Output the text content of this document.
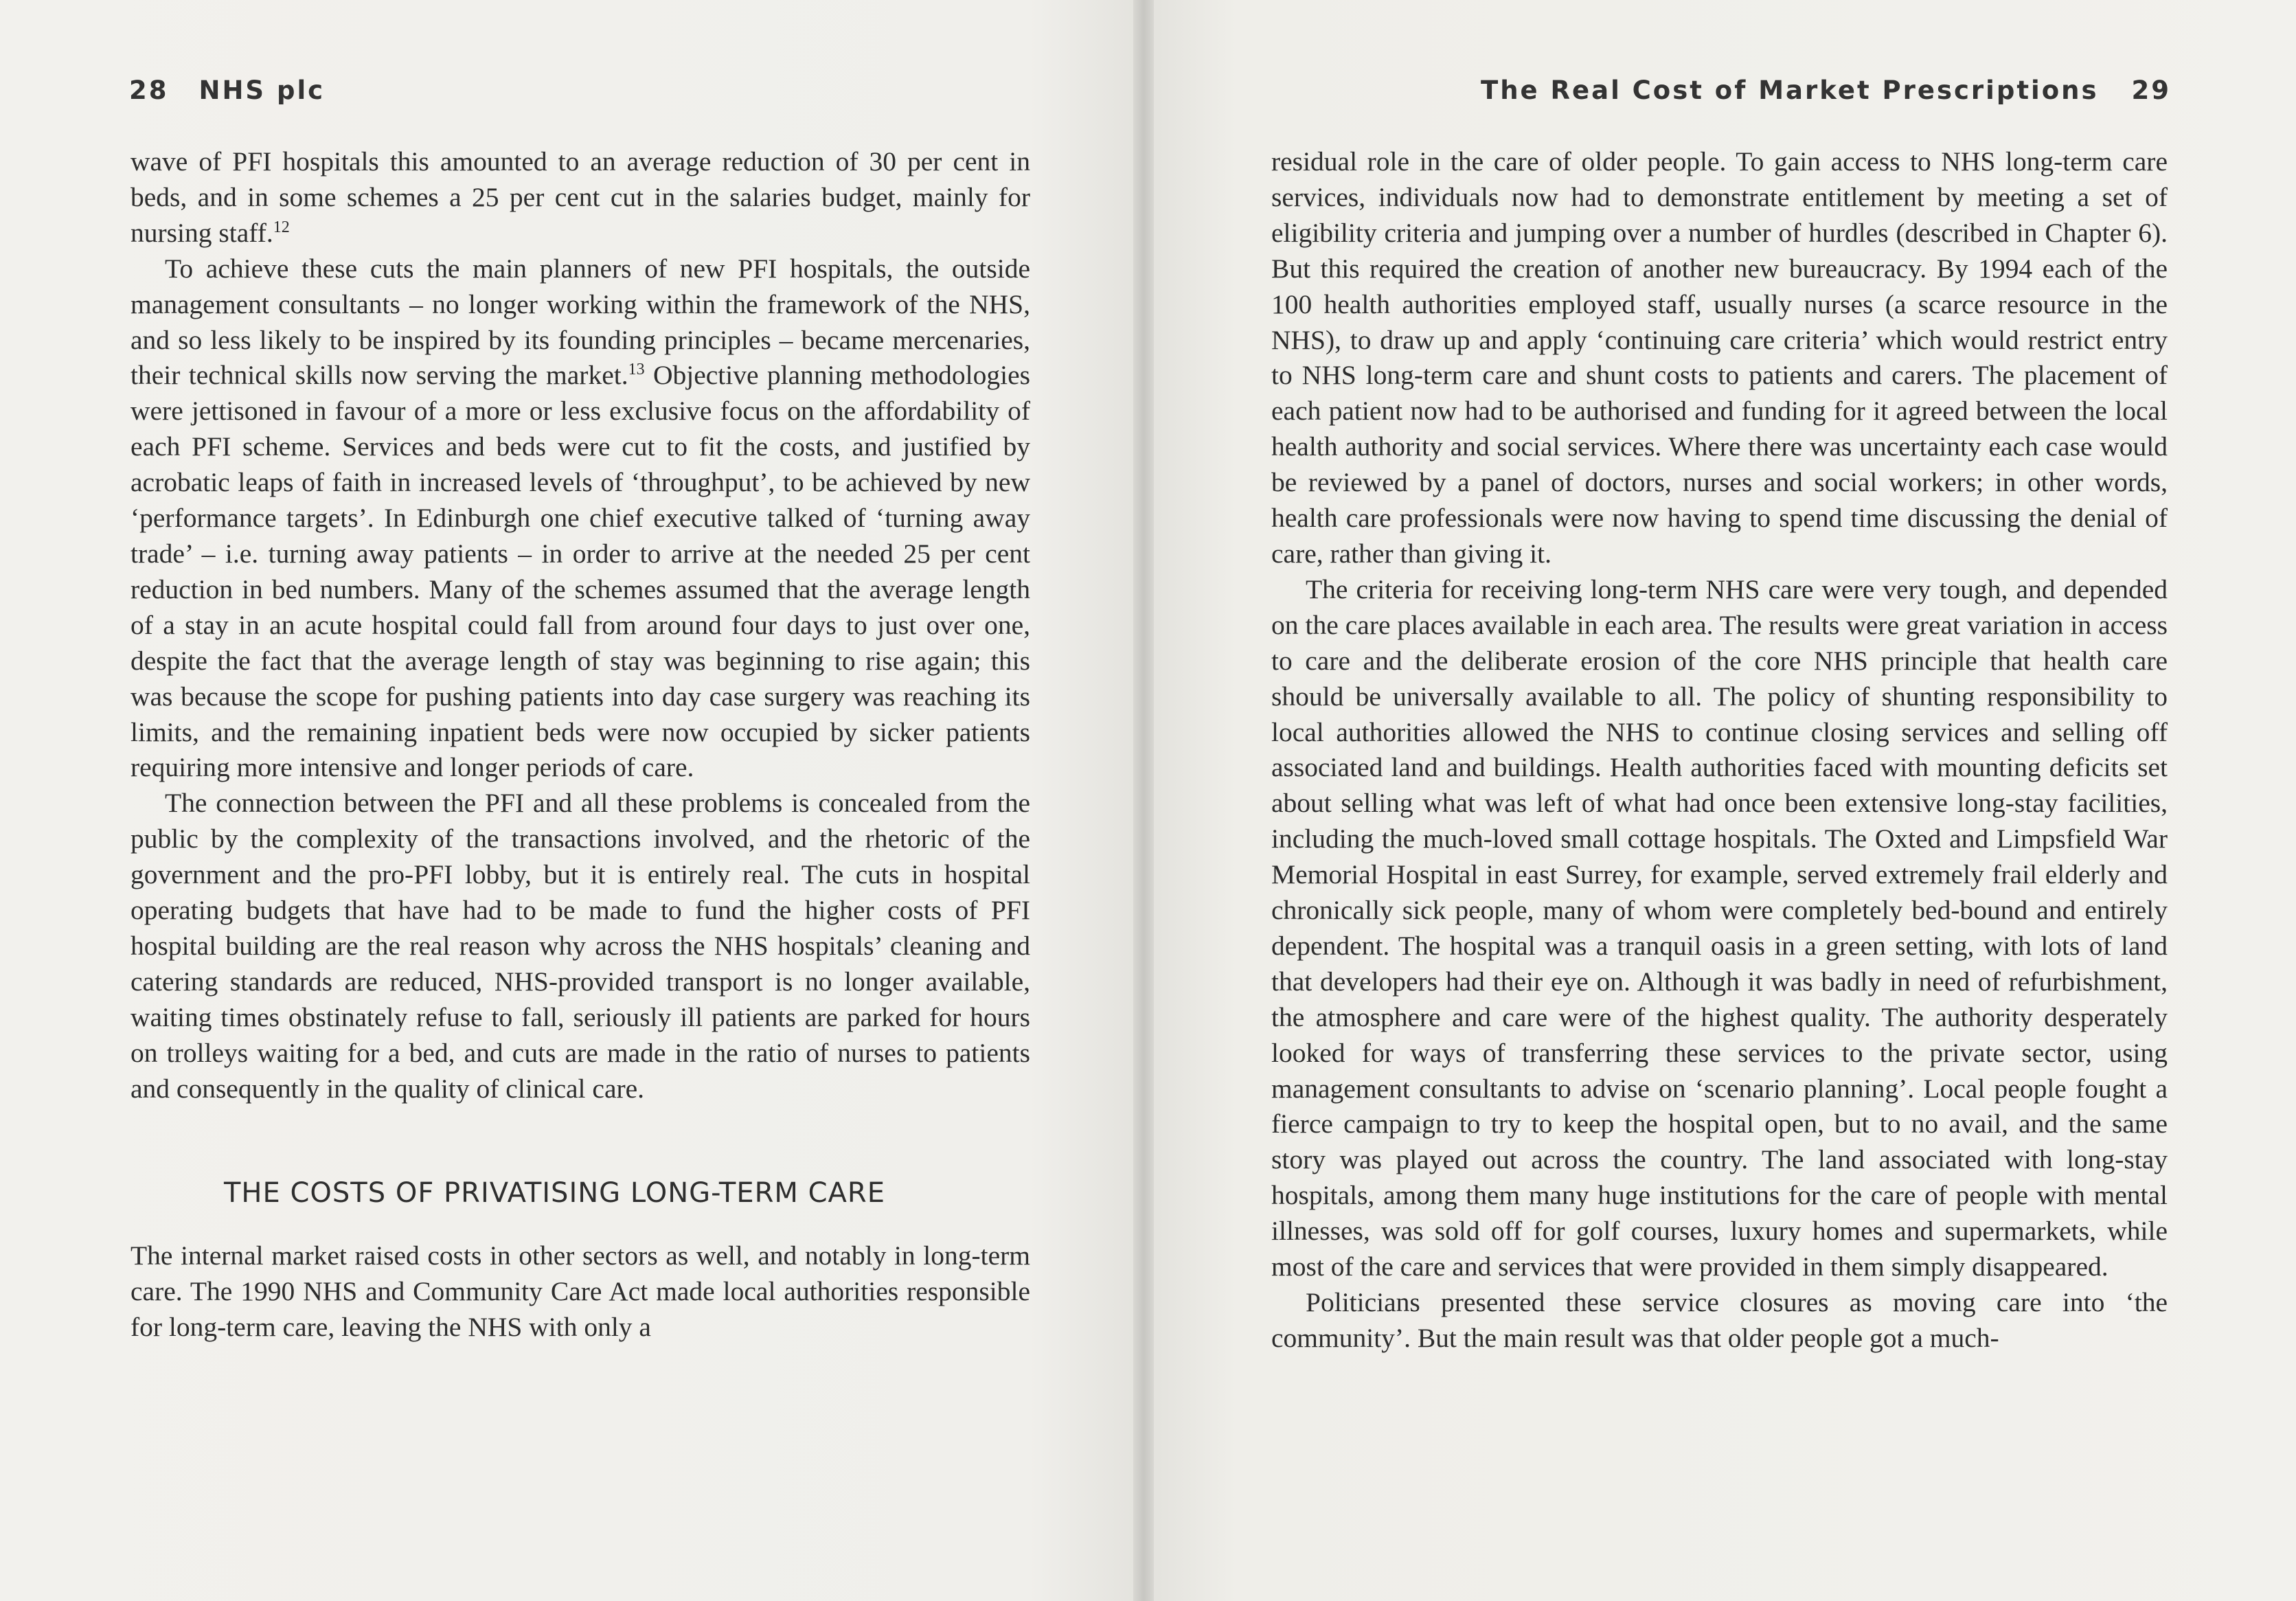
28 NHS plc

wave of PFI hospitals this amounted to an average reduction of 30 per cent in beds, and in some schemes a 25 per cent cut in the salaries budget, mainly for nursing staff.$^{12}$

To achieve these cuts the main planners of new PFI hospitals, the outside management consultants – no longer working within the framework of the NHS, and so less likely to be inspired by its founding principles – became mercenaries, their technical skills now serving the market.$^{13}$ Objective planning methodologies were jettisoned in favour of a more or less exclusive focus on the affordability of each PFI scheme. Services and beds were cut to fit the costs, and justified by acrobatic leaps of faith in increased levels of ‘throughput’, to be achieved by new ‘performance targets’. In Edinburgh one chief executive talked of ‘turning away trade’ – i.e. turning away patients – in order to arrive at the needed 25 per cent reduction in bed numbers. Many of the schemes assumed that the average length of a stay in an acute hospital could fall from around four days to just over one, despite the fact that the average length of stay was beginning to rise again; this was because the scope for pushing patients into day case surgery was reaching its limits, and the remaining inpatient beds were now occupied by sicker patients requiring more intensive and longer periods of care.

The connection between the PFI and all these problems is concealed from the public by the complexity of the transactions involved, and the rhetoric of the government and the pro-PFI lobby, but it is entirely real. The cuts in hospital operating budgets that have had to be made to fund the higher costs of PFI hospital building are the real reason why across the NHS hospitals’ cleaning and catering standards are reduced, NHS-provided transport is no longer available, waiting times obstinately refuse to fall, seriously ill patients are parked for hours on trolleys waiting for a bed, and cuts are made in the ratio of nurses to patients and consequently in the quality of clinical care.

THE COSTS OF PRIVATISING LONG-TERM CARE

The internal market raised costs in other sectors as well, and notably in long-term care. The 1990 NHS and Community Care Act made local authorities responsible for long-term care, leaving the NHS with only a

The Real Cost of Market Prescriptions 29

residual role in the care of older people. To gain access to NHS long-term care services, individuals now had to demonstrate entitlement by meeting a set of eligibility criteria and jumping over a number of hurdles (described in Chapter 6). But this required the creation of another new bureaucracy. By 1994 each of the 100 health authorities employed staff, usually nurses (a scarce resource in the NHS), to draw up and apply ‘continuing care criteria’ which would restrict entry to NHS long-term care and shunt costs to patients and carers. The placement of each patient now had to be authorised and funding for it agreed between the local health authority and social services. Where there was uncertainty each case would be reviewed by a panel of doctors, nurses and social workers; in other words, health care professionals were now having to spend time discussing the denial of care, rather than giving it.

The criteria for receiving long-term NHS care were very tough, and depended on the care places available in each area. The results were great variation in access to care and the deliberate erosion of the core NHS principle that health care should be universally available to all. The policy of shunting responsibility to local authorities allowed the NHS to continue closing services and selling off associated land and buildings. Health authorities faced with mounting deficits set about selling what was left of what had once been extensive long-stay facilities, including the much-loved small cottage hospitals. The Oxted and Limpsfield War Memorial Hospital in east Surrey, for example, served extremely frail elderly and chronically sick people, many of whom were completely bed-bound and entirely dependent. The hospital was a tranquil oasis in a green setting, with lots of land that developers had their eye on. Although it was badly in need of refurbishment, the atmosphere and care were of the highest quality. The authority desperately looked for ways of transferring these services to the private sector, using management consultants to advise on ‘scenario planning’. Local people fought a fierce campaign to try to keep the hospital open, but to no avail, and the same story was played out across the country. The land associated with long-stay hospitals, among them many huge institutions for the care of people with mental illnesses, was sold off for golf courses, luxury homes and supermarkets, while most of the care and services that were provided in them simply disappeared.

Politicians presented these service closures as moving care into ‘the community’. But the main result was that older people got a much-
